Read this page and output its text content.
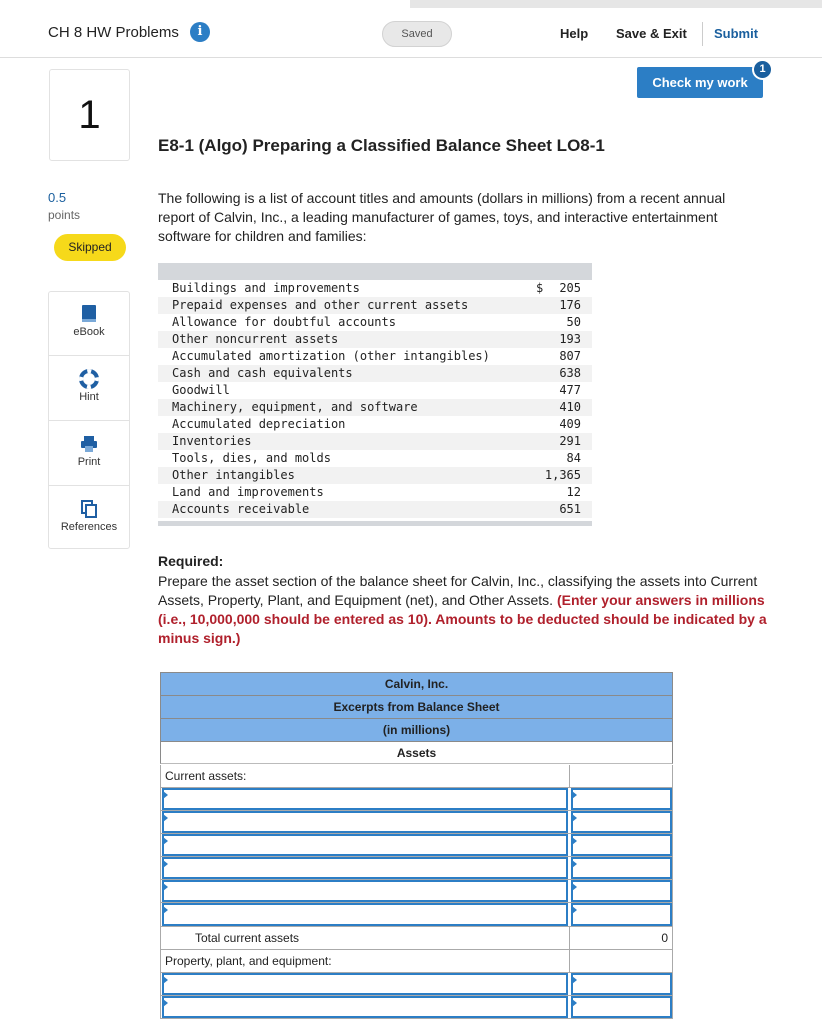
CH 8 HW Problems	i	Saved	Help Save & Exit Submit
Check my work
1
1
0.5
points
Skipped
eBook
Hint
Print
References
E8-1 (Algo) Preparing a Classified Balance Sheet LO8-1
The following is a list of account titles and amounts (dollars in millions) from a recent annual report of Calvin, Inc., a leading manufacturer of games, toys, and interactive entertainment software for children and families:
Buildings and improvements	$ 205
Prepaid expenses and other current assets	176
Allowance for doubtful accounts	50
Other noncurrent assets	193
Accumulated amortization (other intangibles)	807
Cash and cash equivalents	638
Goodwill	477
Machinery, equipment, and software	410
Accumulated depreciation	409
Inventories	291
Tools, dies, and molds	84
Other intangibles	1,365
Land and improvements	12
Accounts receivable	651
Required:
Prepare the asset section of the balance sheet for Calvin, Inc., classifying the assets into Current Assets, Property, Plant, and Equipment (net), and Other Assets. (Enter your answers in millions (i.e., 10,000,000 should be entered as 10). Amounts to be deducted should be indicated by a minus sign.)
Calvin, Inc.
Excerpts from Balance Sheet
(in millions)
Assets
Current assets:
Total current assets	0
Property, plant, and equipment:
